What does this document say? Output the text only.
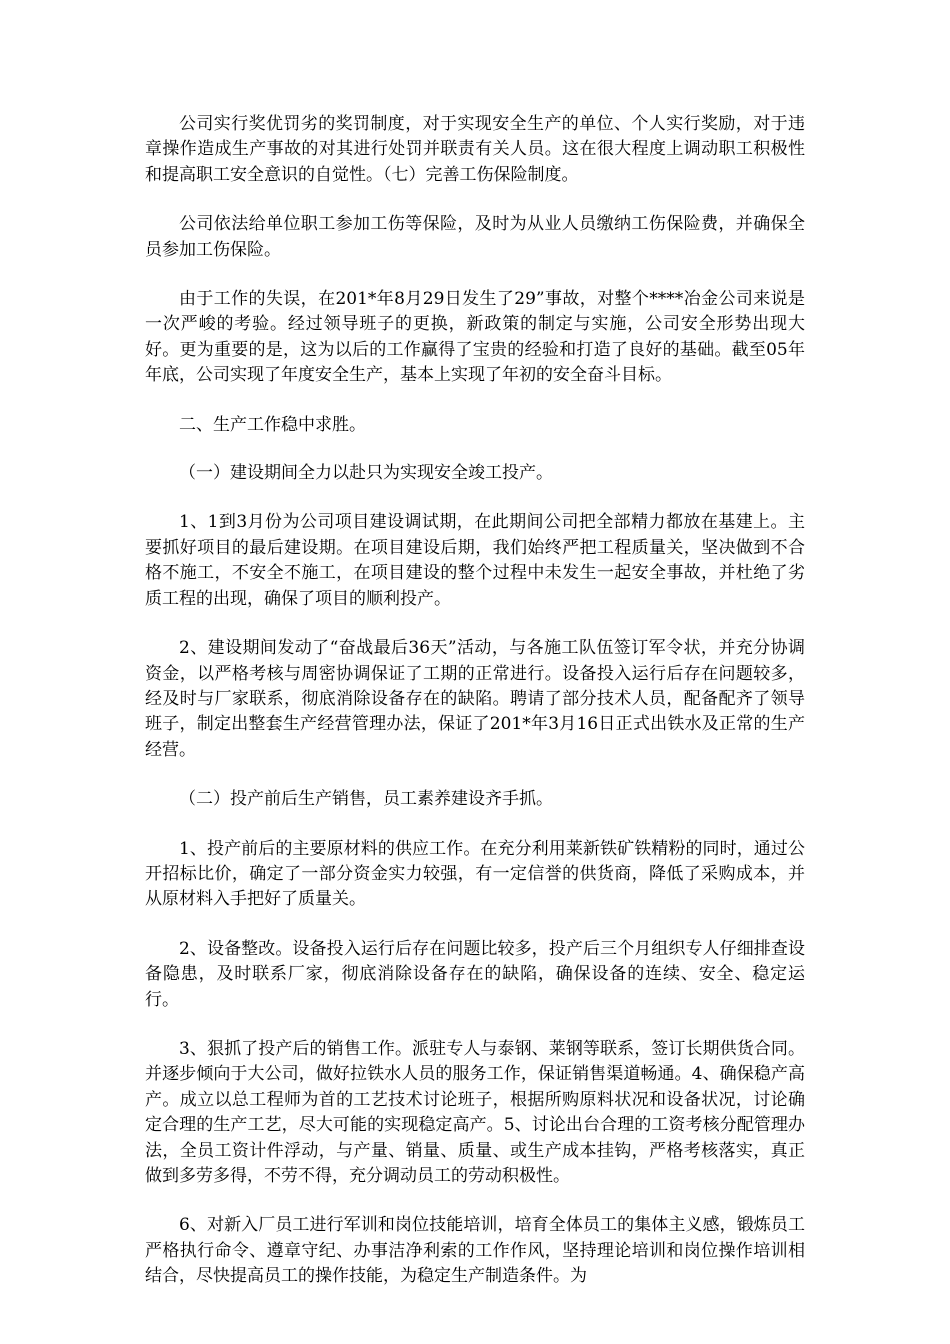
公司实行奖优罚劣的奖罚制度，对于实现安全生产的单位、个人实行奖励，对于违章操作造成生产事故的对其进行处罚并联责有关人员。这在很大程度上调动职工积极性和提高职工安全意识的自觉性。（七）完善工伤保险制度。

公司依法给单位职工参加工伤等保险，及时为从业人员缴纳工伤保险费，并确保全员参加工伤保险。

由于工作的失误，在201*年8月29日发生了29”事故，对整个****冶金公司来说是一次严峻的考验。经过领导班子的更换，新政策的制定与实施，公司安全形势出现大好。更为重要的是，这为以后的工作赢得了宝贵的经验和打造了良好的基础。截至05年年底，公司实现了年度安全生产，基本上实现了年初的安全奋斗目标。

二、生产工作稳中求胜。

（一）建设期间全力以赴只为实现安全竣工投产。

1、1到3月份为公司项目建设调试期，在此期间公司把全部精力都放在基建上。主要抓好项目的最后建设期。在项目建设后期，我们始终严把工程质量关，坚决做到不合格不施工，不安全不施工，在项目建设的整个过程中未发生一起安全事故，并杜绝了劣质工程的出现，确保了项目的顺利投产。

2、建设期间发动了“奋战最后36天”活动，与各施工队伍签订军令状，并充分协调资金，以严格考核与周密协调保证了工期的正常进行。设备投入运行后存在问题较多，经及时与厂家联系，彻底消除设备存在的缺陷。聘请了部分技术人员，配备配齐了领导班子，制定出整套生产经营管理办法，保证了201*年3月16日正式出铁水及正常的生产经营。

（二）投产前后生产销售，员工素养建设齐手抓。

1、投产前后的主要原材料的供应工作。在充分利用莱新铁矿铁精粉的同时，通过公开招标比价，确定了一部分资金实力较强，有一定信誉的供货商，降低了采购成本，并从原材料入手把好了质量关。

2、设备整改。设备投入运行后存在问题比较多，投产后三个月组织专人仔细排查设备隐患，及时联系厂家，彻底消除设备存在的缺陷，确保设备的连续、安全、稳定运行。

3、狠抓了投产后的销售工作。派驻专人与泰钢、莱钢等联系，签订长期供货合同。并逐步倾向于大公司，做好拉铁水人员的服务工作，保证销售渠道畅通。4、确保稳产高产。成立以总工程师为首的工艺技术讨论班子，根据所购原料状况和设备状况，讨论确定合理的生产工艺，尽大可能的实现稳定高产。5、讨论出台合理的工资考核分配管理办法，全员工资计件浮动，与产量、销量、质量、或生产成本挂钩，严格考核落实，真正做到多劳多得，不劳不得，充分调动员工的劳动积极性。

6、对新入厂员工进行军训和岗位技能培训，培育全体员工的集体主义感，锻炼员工严格执行命令、遵章守纪、办事洁净利索的工作作风，坚持理论培训和岗位操作培训相结合，尽快提高员工的操作技能，为稳定生产制造条件。为
